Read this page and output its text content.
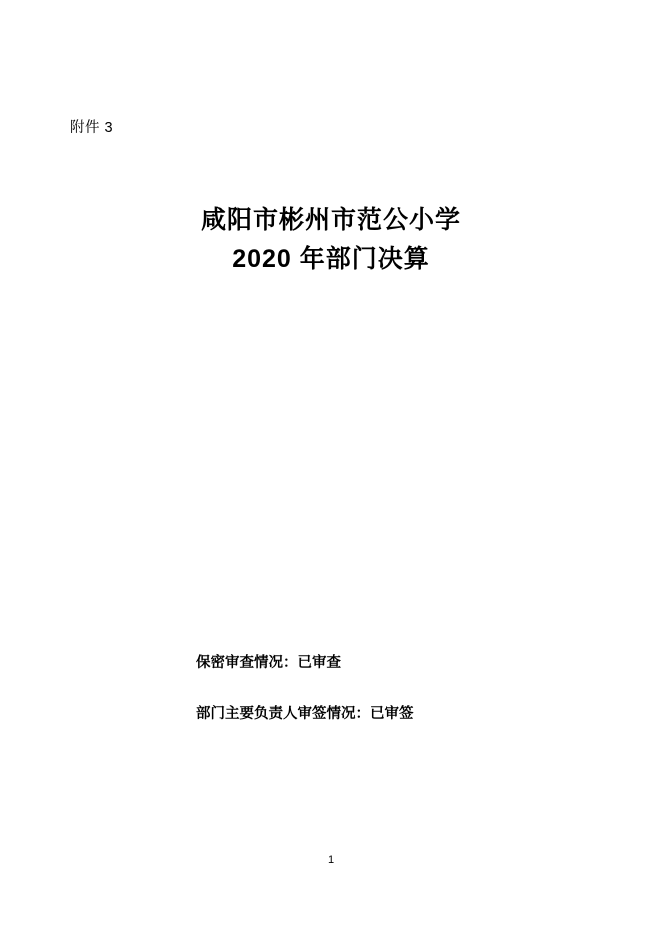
附件 3
咸阳市彬州市范公小学
2020 年部门决算
保密审查情况：已审查
部门主要负责人审签情况：已审签
1
